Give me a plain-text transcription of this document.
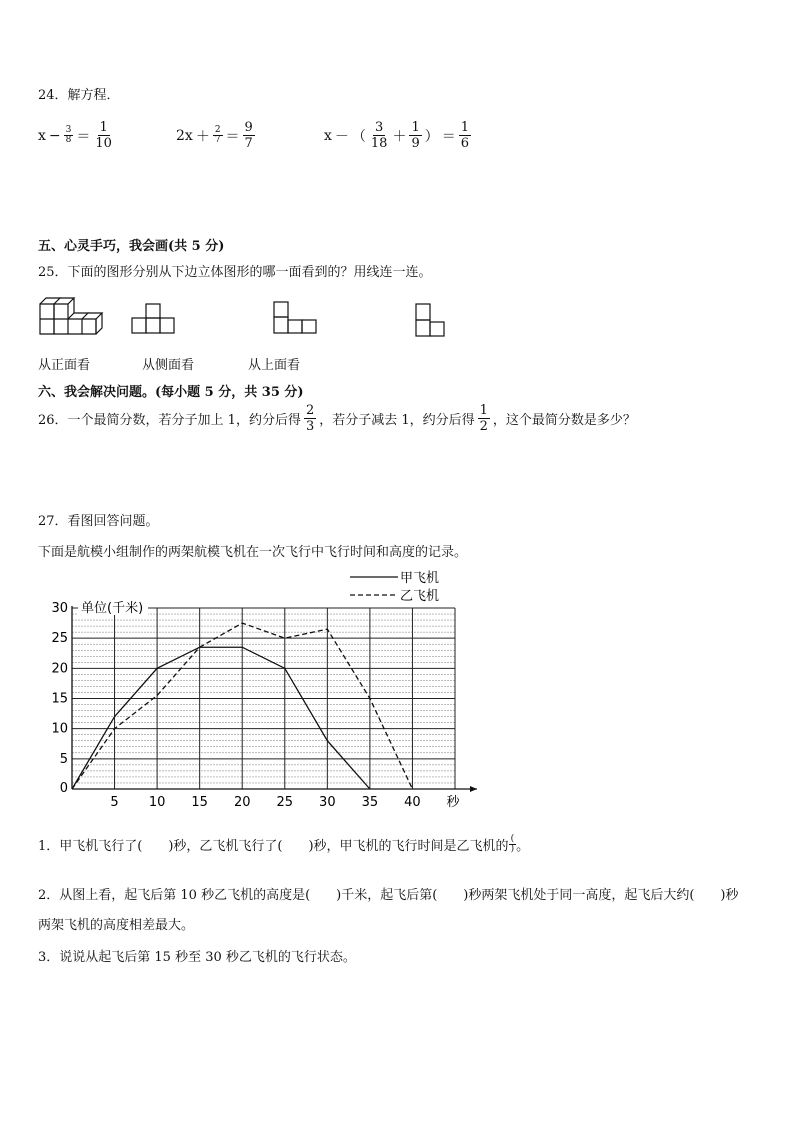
24．解方程．
$x - \frac{3}{8} = \frac{1}{10}$	$2x + \frac{2}{7} = \frac{9}{7}$	x － （ $\frac{3}{18} + \frac{1}{9}$ ） ＝ $\frac{1}{6}$
五、心灵手巧，我会画(共 5 分)
25．下面的图形分别从下边立体图形的哪一面看到的？用线连一连。
从正面看	从侧面看	从上面看
六、我会解决问题。(每小题 5 分，共 35 分)
26．一个最简分数，若分子加上 1，约分后得 $\frac{2}{3}$ ，若分子减去 1，约分后得 $\frac{1}{2}$ ，这个最简分数是多少？
27．看图回答问题。
下面是航模小组制作的两架航模飞机在一次飞行中飞行时间和高度的记录。
5 10 15 20 25 30 35 40 秒
5
10
15
20
25
30
0
单位(千米)
甲飞机
乙飞机
1．甲飞机飞行了(　　)秒，乙飞机飞行了(　　)秒，甲飞机的飞行时间是乙飞机的 $\frac{(}{)}$ 。
2．从图上看，起飞后第 10 秒乙飞机的高度是(　　)千米，起飞后第(　　)秒两架飞机处于同一高度，起飞后大约(　　)秒
两架飞机的高度相差最大。
3．说说从起飞后第 15 秒至 30 秒乙飞机的飞行状态。
